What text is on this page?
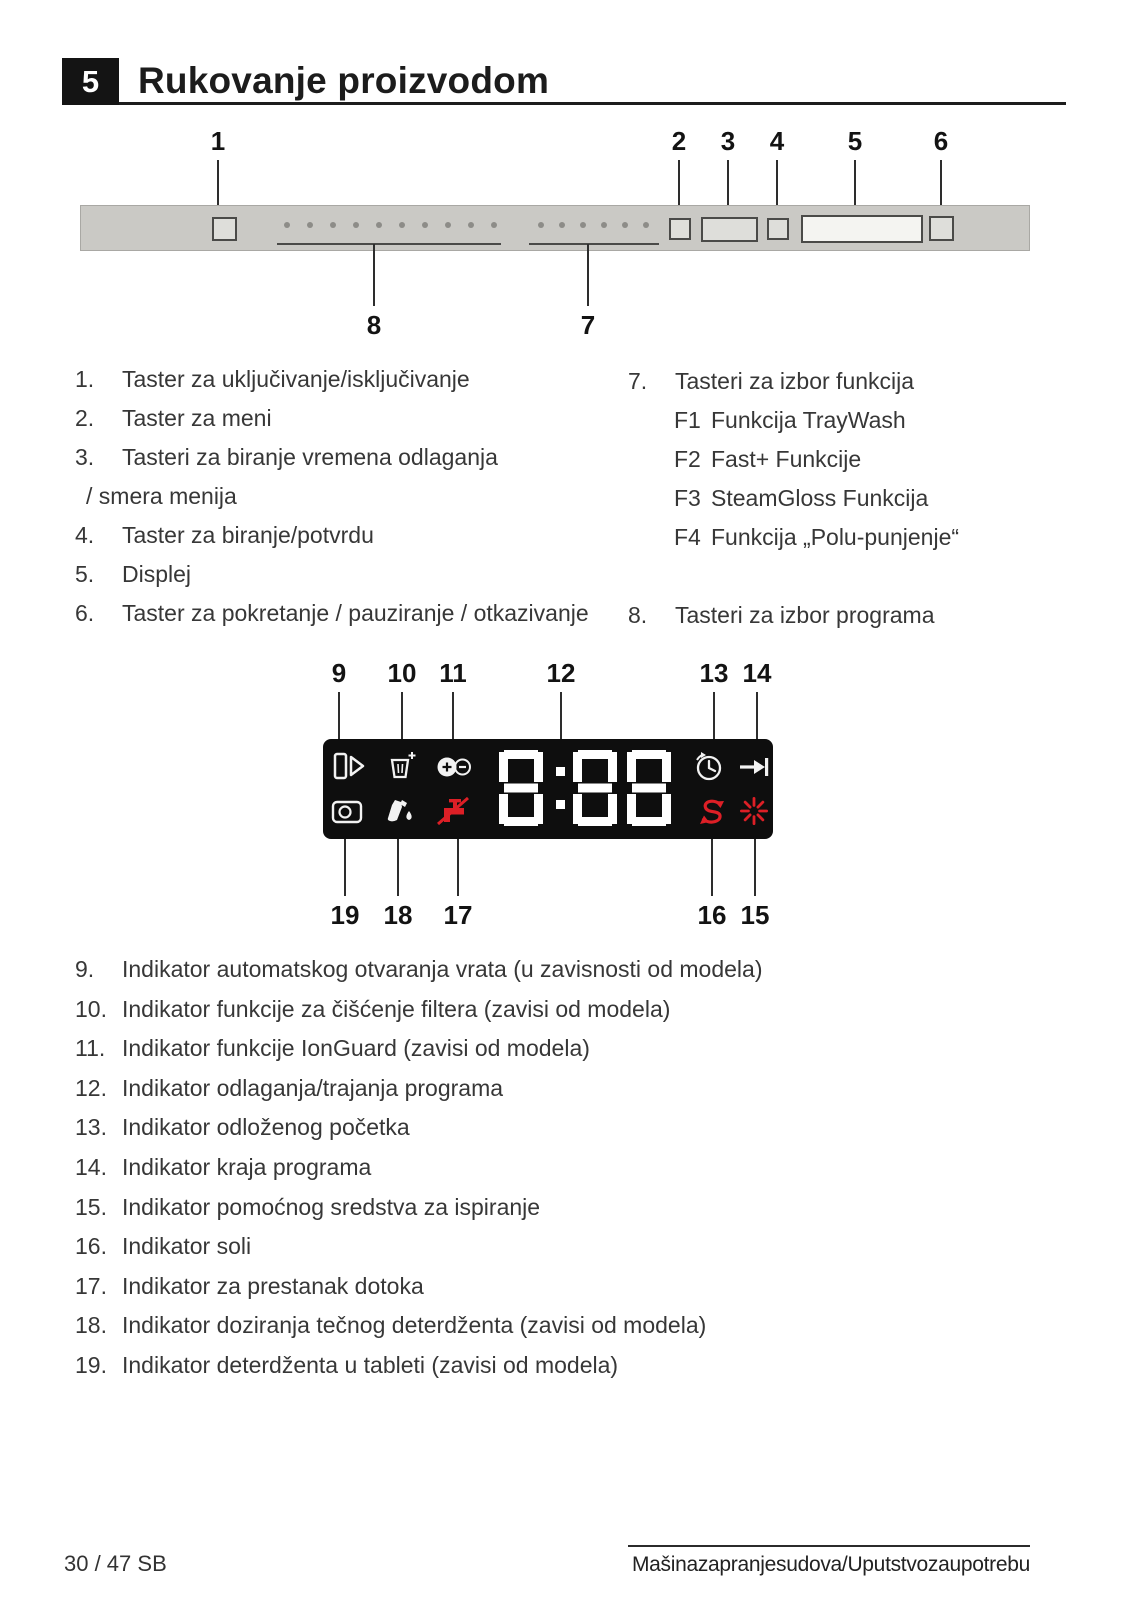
5	Rukovanje proizvodom
1	2 3 4 5	6
8	7
1.	Taster za uključivanje/isključivanje
2.	Taster za meni
3.	Tasteri za biranje vremena odlaganja
/ smera menija
4.	Taster za biranje/potvrdu
5.	Displej
6.	Taster za pokretanje / pauziranje / otkazivanje
7.	Tasteri za izbor funkcija
F1 Funkcija TrayWash
F2 Fast+ Funkcije
F3 SteamGloss Funkcija
F4 Funkcija „Polu-punjenje“
8.	Tasteri za izbor programa
9 10 11	12	13 14
19 18 17	16 15
9.	Indikator automatskog otvaranja vrata (u zavisnosti od modela)
10. Indikator funkcije za čišćenje filtera (zavisi od modela)
11. Indikator funkcije IonGuard (zavisi od modela)
12. Indikator odlaganja/trajanja programa
13. Indikator odloženog početka
14. Indikator kraja programa
15. Indikator pomoćnog sredstva za ispiranje
16. Indikator soli
17. Indikator za prestanak dotoka
18. Indikator doziranja tečnog deterdženta (zavisi od modela)
19. Indikator deterdženta u tableti (zavisi od modela)
30 / 47 SB	Mašinazapranjesudova/Uputstvozaupotrebu
